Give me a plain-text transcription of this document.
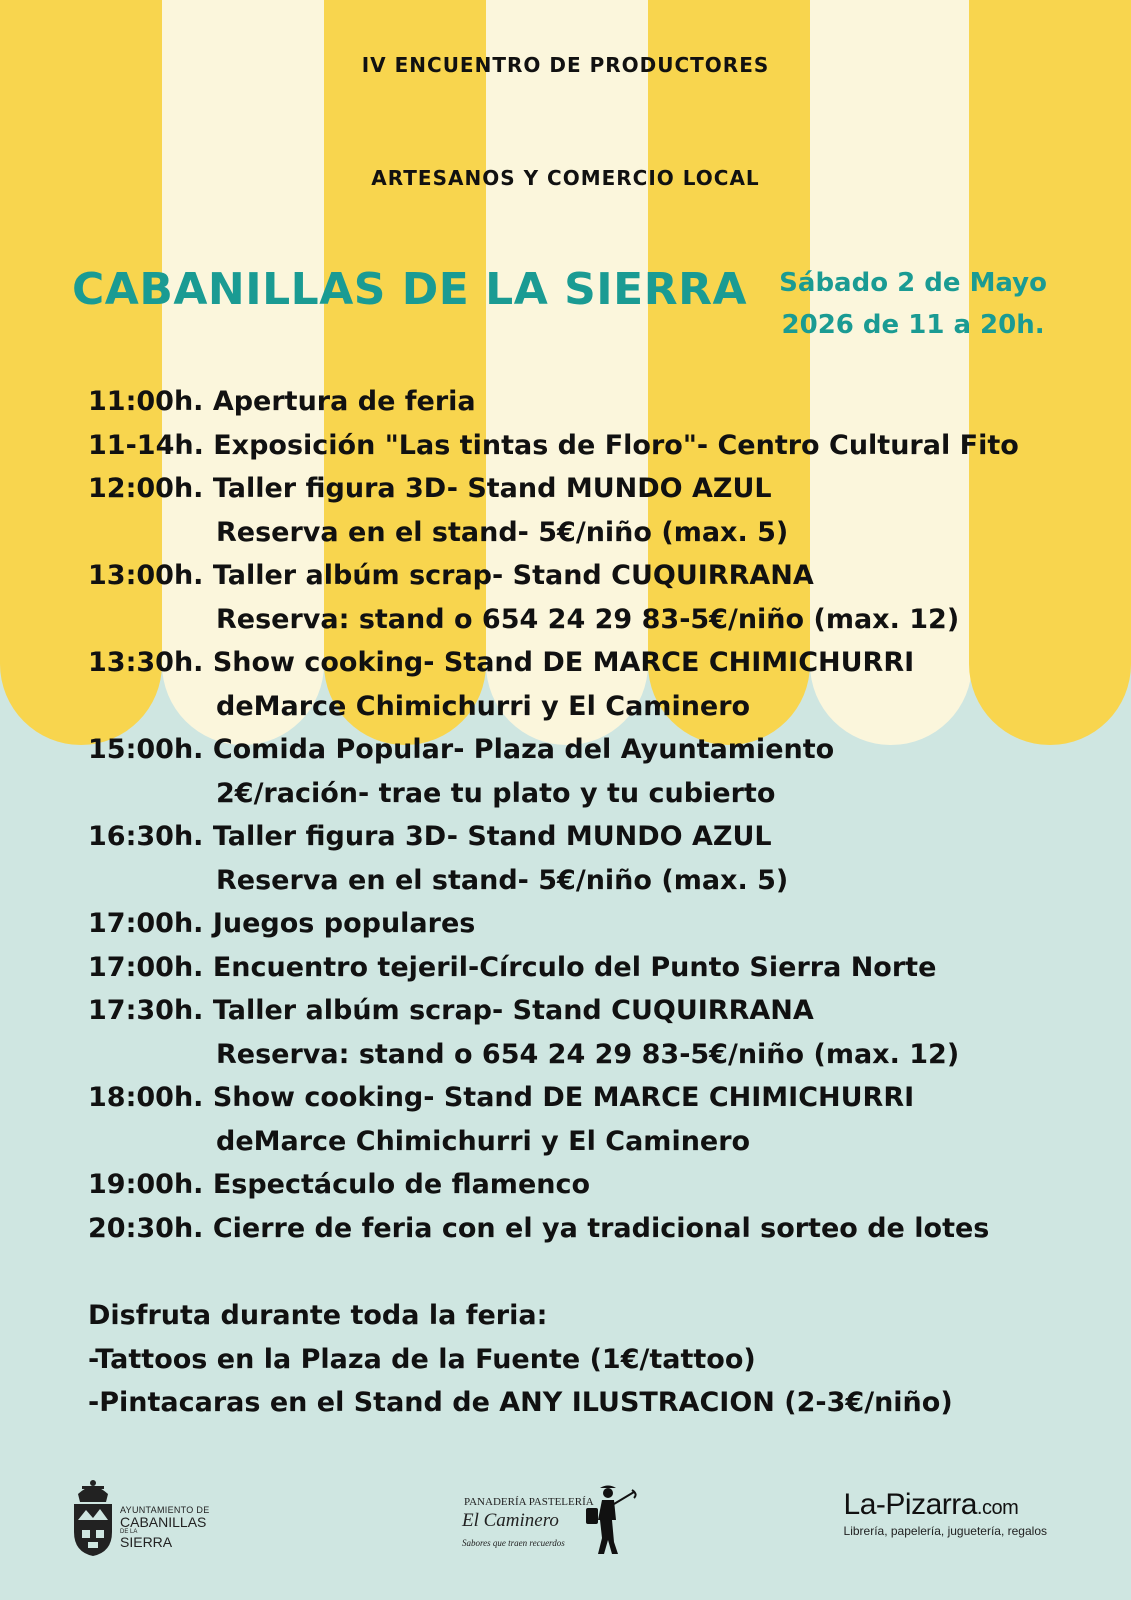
IV ENCUENTRO DE PRODUCTORES
ARTESANOS Y COMERCIO LOCAL
CABANILLAS DE LA SIERRA Sábado 2 de Mayo
2026 de 11 a 20h.
11:00h. Apertura de feria
11-14h. Exposición "Las tintas de Floro"- Centro Cultural Fito
12:00h. Taller figura 3D- Stand MUNDO AZUL
Reserva en el stand- 5€/niño (max. 5)
13:00h. Taller albúm scrap- Stand CUQUIRRANA
Reserva: stand o 654 24 29 83-5€/niño (max. 12)
13:30h. Show cooking- Stand DE MARCE CHIMICHURRI
deMarce Chimichurri y El Caminero
15:00h. Comida Popular- Plaza del Ayuntamiento
2€/ración- trae tu plato y tu cubierto
16:30h. Taller figura 3D- Stand MUNDO AZUL
Reserva en el stand- 5€/niño (max. 5)
17:00h. Juegos populares
17:00h. Encuentro tejeril-Círculo del Punto Sierra Norte
17:30h. Taller albúm scrap- Stand CUQUIRRANA
Reserva: stand o 654 24 29 83-5€/niño (max. 12)
18:00h. Show cooking- Stand DE MARCE CHIMICHURRI
deMarce Chimichurri y El Caminero
19:00h. Espectáculo de flamenco
20:30h. Cierre de feria con el ya tradicional sorteo de lotes
Disfruta durante toda la feria:
-Tattoos en la Plaza de la Fuente (1€/tattoo)
-Pintacaras en el Stand de ANY ILUSTRACION (2-3€/niño)
AYUNTAMIENTO DE
CABANILLAS
DE LA
SIERRA
PANADERÍA PASTELERÍA
El Caminero
Sabores que traen recuerdos
La-Pizarra.com
Librería, papelería, juguetería, regalos
